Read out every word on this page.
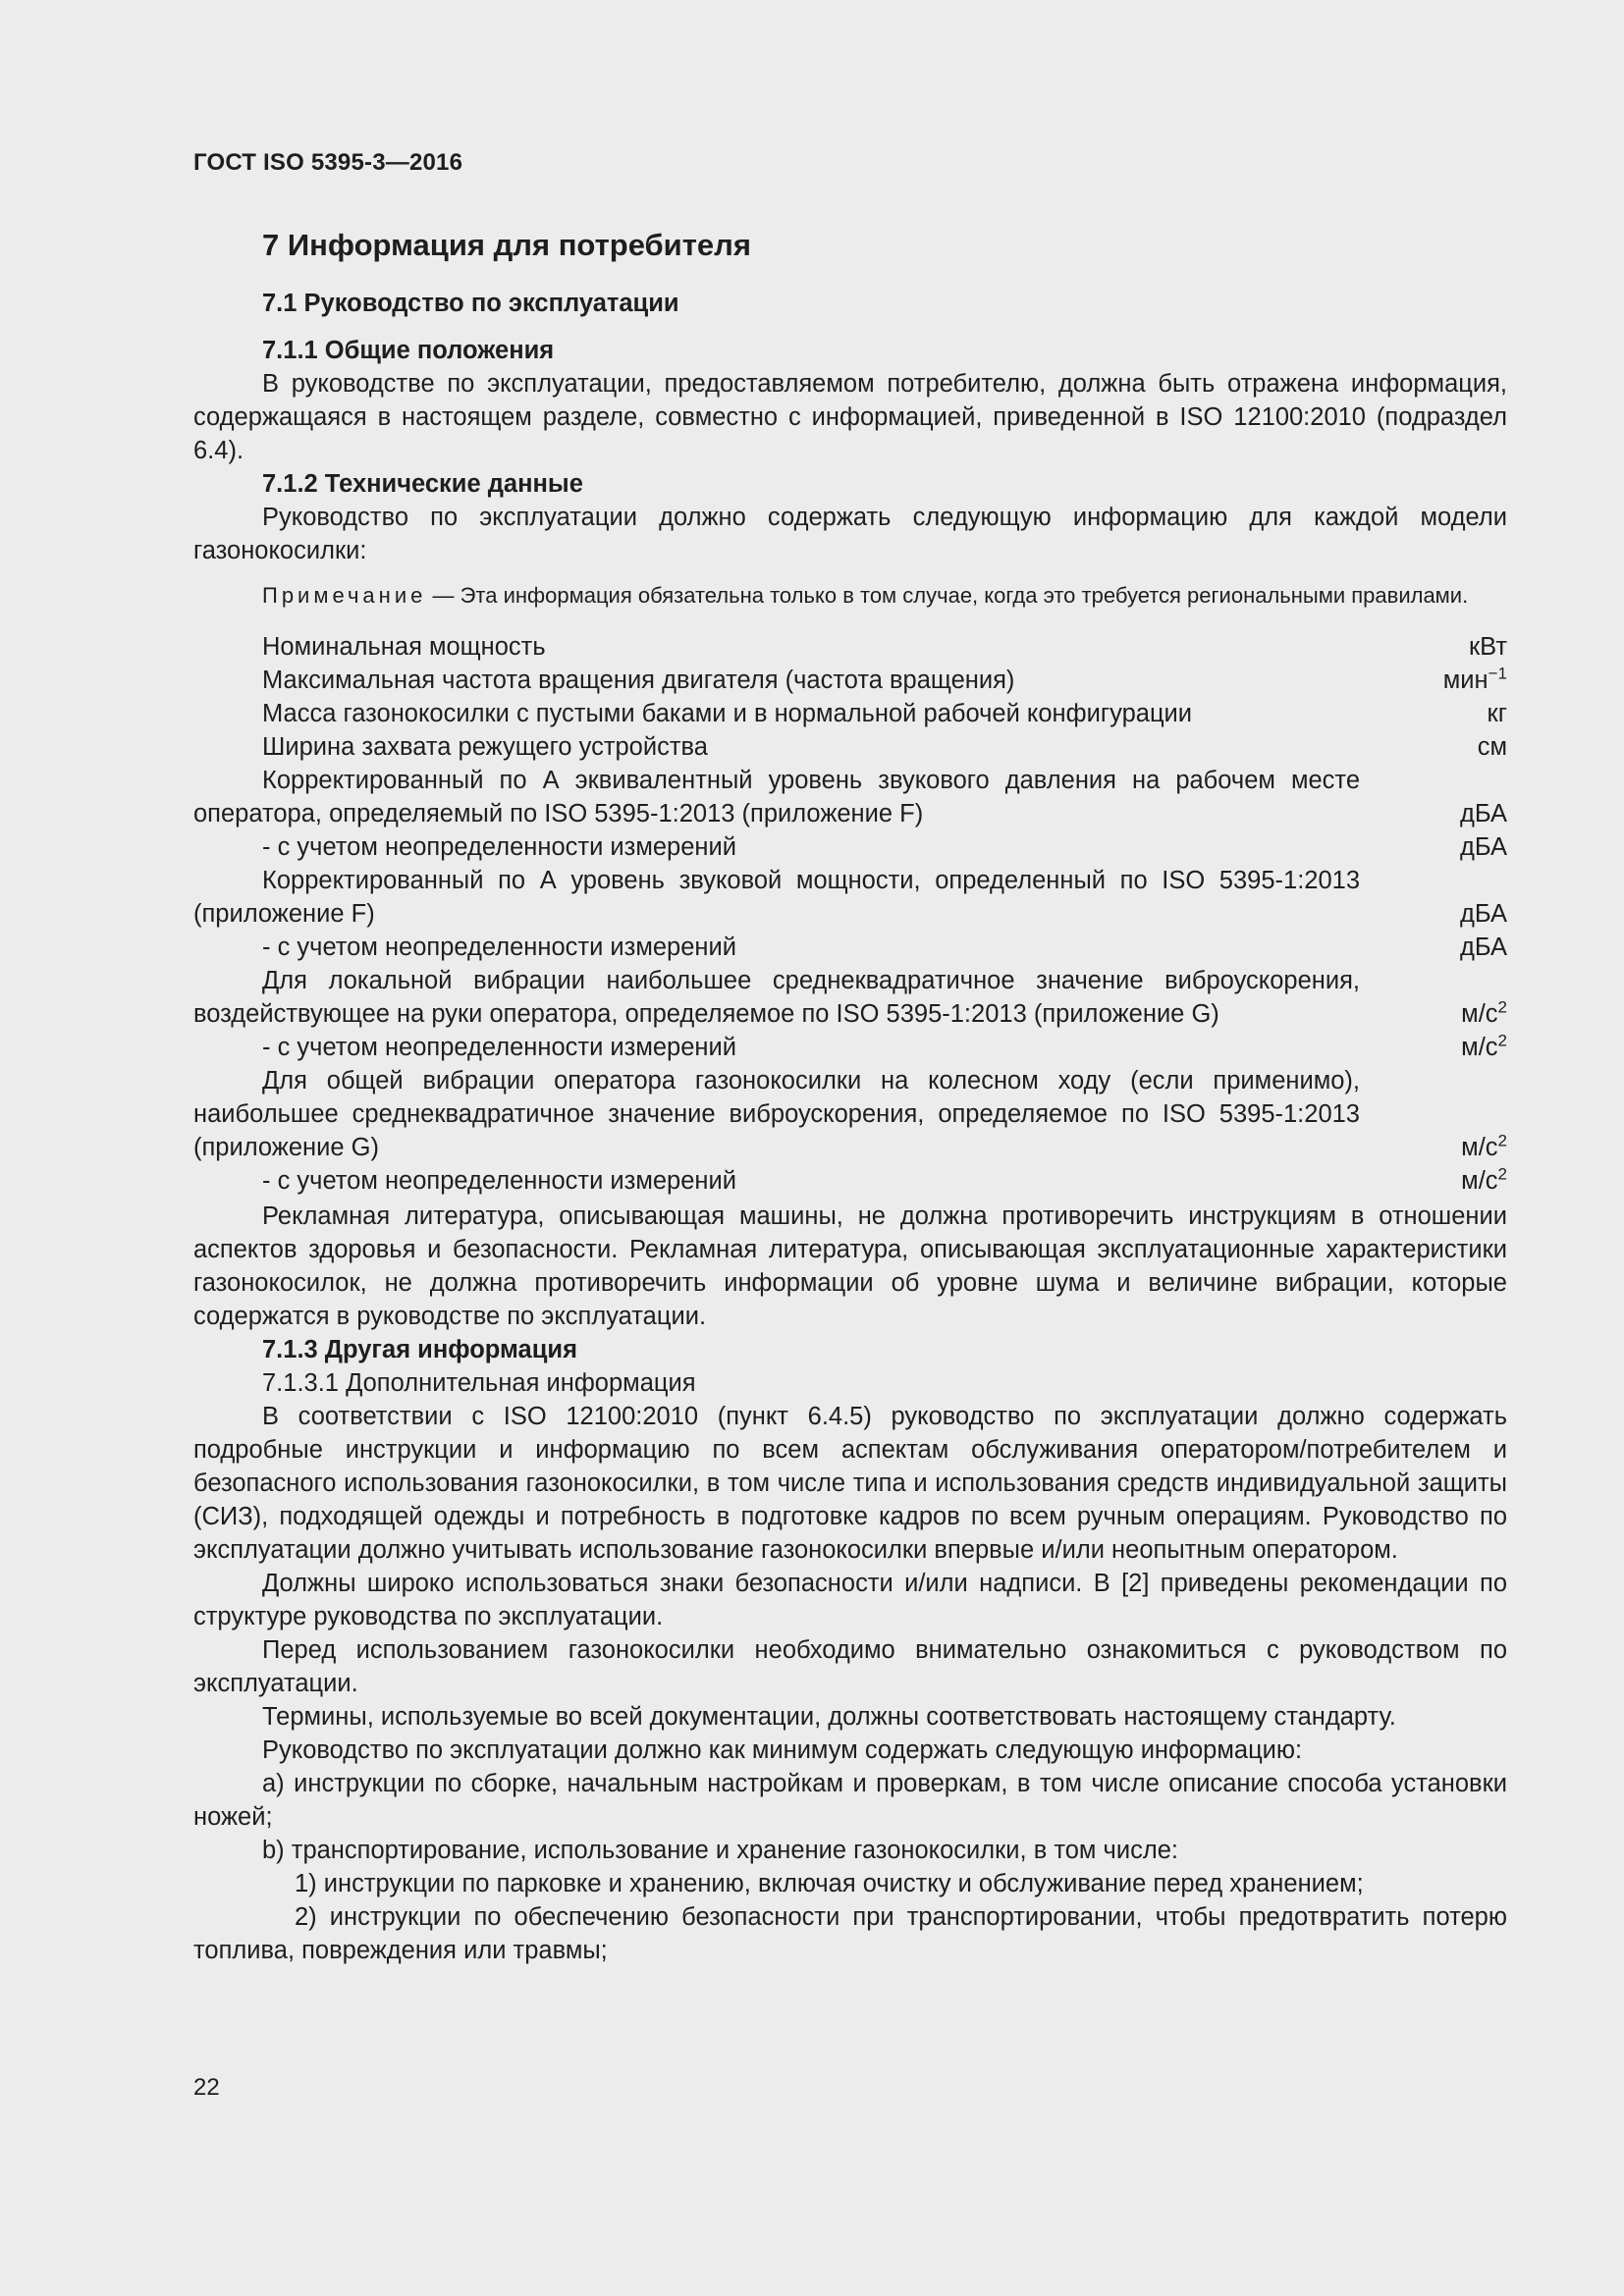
ГОСТ ISO 5395-3—2016
7 Информация для потребителя
7.1 Руководство по эксплуатации
7.1.1 Общие положения

В руководстве по эксплуатации, предоставляемом потребителю, должна быть отражена информация, содержащаяся в настоящем разделе, совместно с информацией, приведенной в ISO 12100:2010 (подраздел 6.4).

7.1.2 Технические данные

Руководство по эксплуатации должно содержать следующую информацию для каждой модели газонокосилки:

Примечание — Эта информация обязательна только в том случае, когда это требуется региональными правилами.
Номинальная мощность	кВт
Максимальная частота вращения двигателя (частота вращения)	мин$^{-1}$
Масса газонокосилки с пустыми баками и в нормальной рабочей конфигурации	кг
Ширина захвата режущего устройства	см
Корректированный по А эквивалентный уровень звукового давления на рабочем месте оператора, определяемый по ISO 5395-1:2013 (приложение F)	дБА
- с учетом неопределенности измерений	дБА
Корректированный по А уровень звуковой мощности, определенный по ISO 5395-1:2013 (приложение F)	дБА
- с учетом неопределенности измерений	дБА
Для локальной вибрации наибольшее среднеквадратичное значение виброускорения, воздействующее на руки оператора, определяемое по ISO 5395-1:2013 (приложение G)	$м/с^2$
- с учетом неопределенности измерений	$м/с^2$
Для общей вибрации оператора газонокосилки на колесном ходу (если применимо), наибольшее среднеквадратичное значение виброускорения, определяемое по ISO 5395-1:2013 (приложение G)	$м/с^2$
- с учетом неопределенности измерений	$м/с^2$

Рекламная литература, описывающая машины, не должна противоречить инструкциям в отношении аспектов здоровья и безопасности. Рекламная литература, описывающая эксплуатационные характеристики газонокосилок, не должна противоречить информации об уровне шума и величине вибрации, которые содержатся в руководстве по эксплуатации.

7.1.3 Другая информация
7.1.3.1 Дополнительная информация

В соответствии с ISO 12100:2010 (пункт 6.4.5) руководство по эксплуатации должно содержать подробные инструкции и информацию по всем аспектам обслуживания оператором/потребителем и безопасного использования газонокосилки, в том числе типа и использования средств индивидуальной защиты (СИЗ), подходящей одежды и потребность в подготовке кадров по всем ручным операциям. Руководство по эксплуатации должно учитывать использование газонокосилки впервые и/или неопытным оператором.

Должны широко использоваться знаки безопасности и/или надписи. В [2] приведены рекомендации по структуре руководства по эксплуатации.

Перед использованием газонокосилки необходимо внимательно ознакомиться с руководством по эксплуатации.

Термины, используемые во всей документации, должны соответствовать настоящему стандарту.

Руководство по эксплуатации должно как минимум содержать следующую информацию:

a) инструкции по сборке, начальным настройкам и проверкам, в том числе описание способа установки ножей;

b) транспортирование, использование и хранение газонокосилки, в том числе:

1) инструкции по парковке и хранению, включая очистку и обслуживание перед хранением;

2) инструкции по обеспечению безопасности при транспортировании, чтобы предотвратить потерю топлива, повреждения или травмы;

22
